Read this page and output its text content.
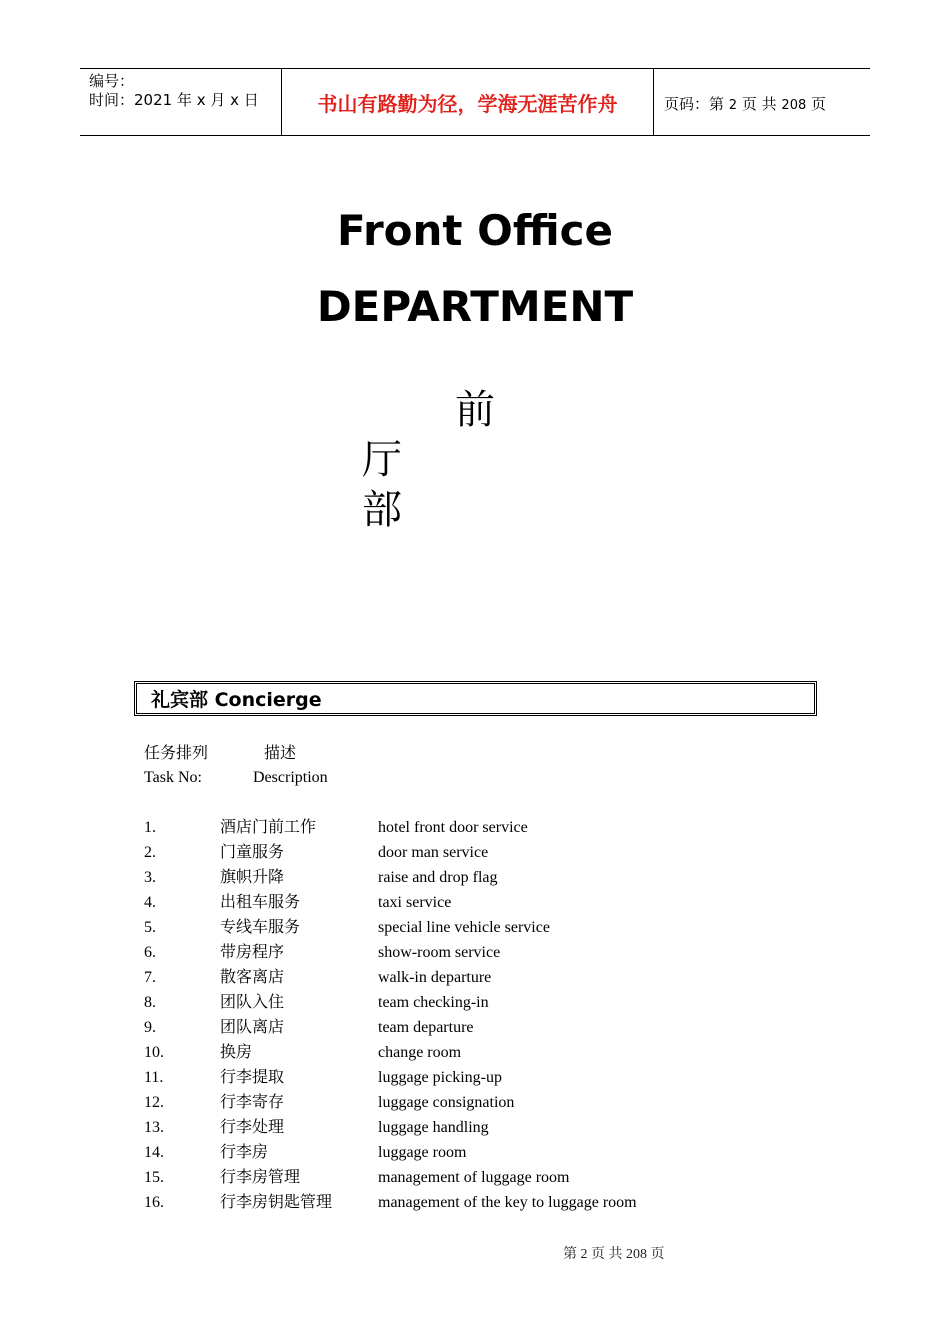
编号：
时间：2021 年 x 月 x 日	书山有路勤为径，学海无涯苦作舟	页码：第 2 页 共 208 页
Front Office
DEPARTMENT
前
厅
部
礼宾部 Concierge
任务排列	描述
Task No:	Description
1.	酒店门前工作	hotel front door service
2.	门童服务	door man service
3.	旗帜升降	raise and drop flag
4.	出租车服务	taxi service
5.	专线车服务	special line vehicle service
6.	带房程序	show-room service
7.	散客离店	walk-in departure
8.	团队入住	team checking-in
9.	团队离店	team departure
10.	换房	change room
11.	行李提取	luggage picking-up
12.	行李寄存	luggage consignation
13.	行李处理	luggage handling
14.	行李房	luggage room
15.	行李房管理	management of luggage room
16.	行李房钥匙管理	management of the key to luggage room
第 2 页 共 208 页
